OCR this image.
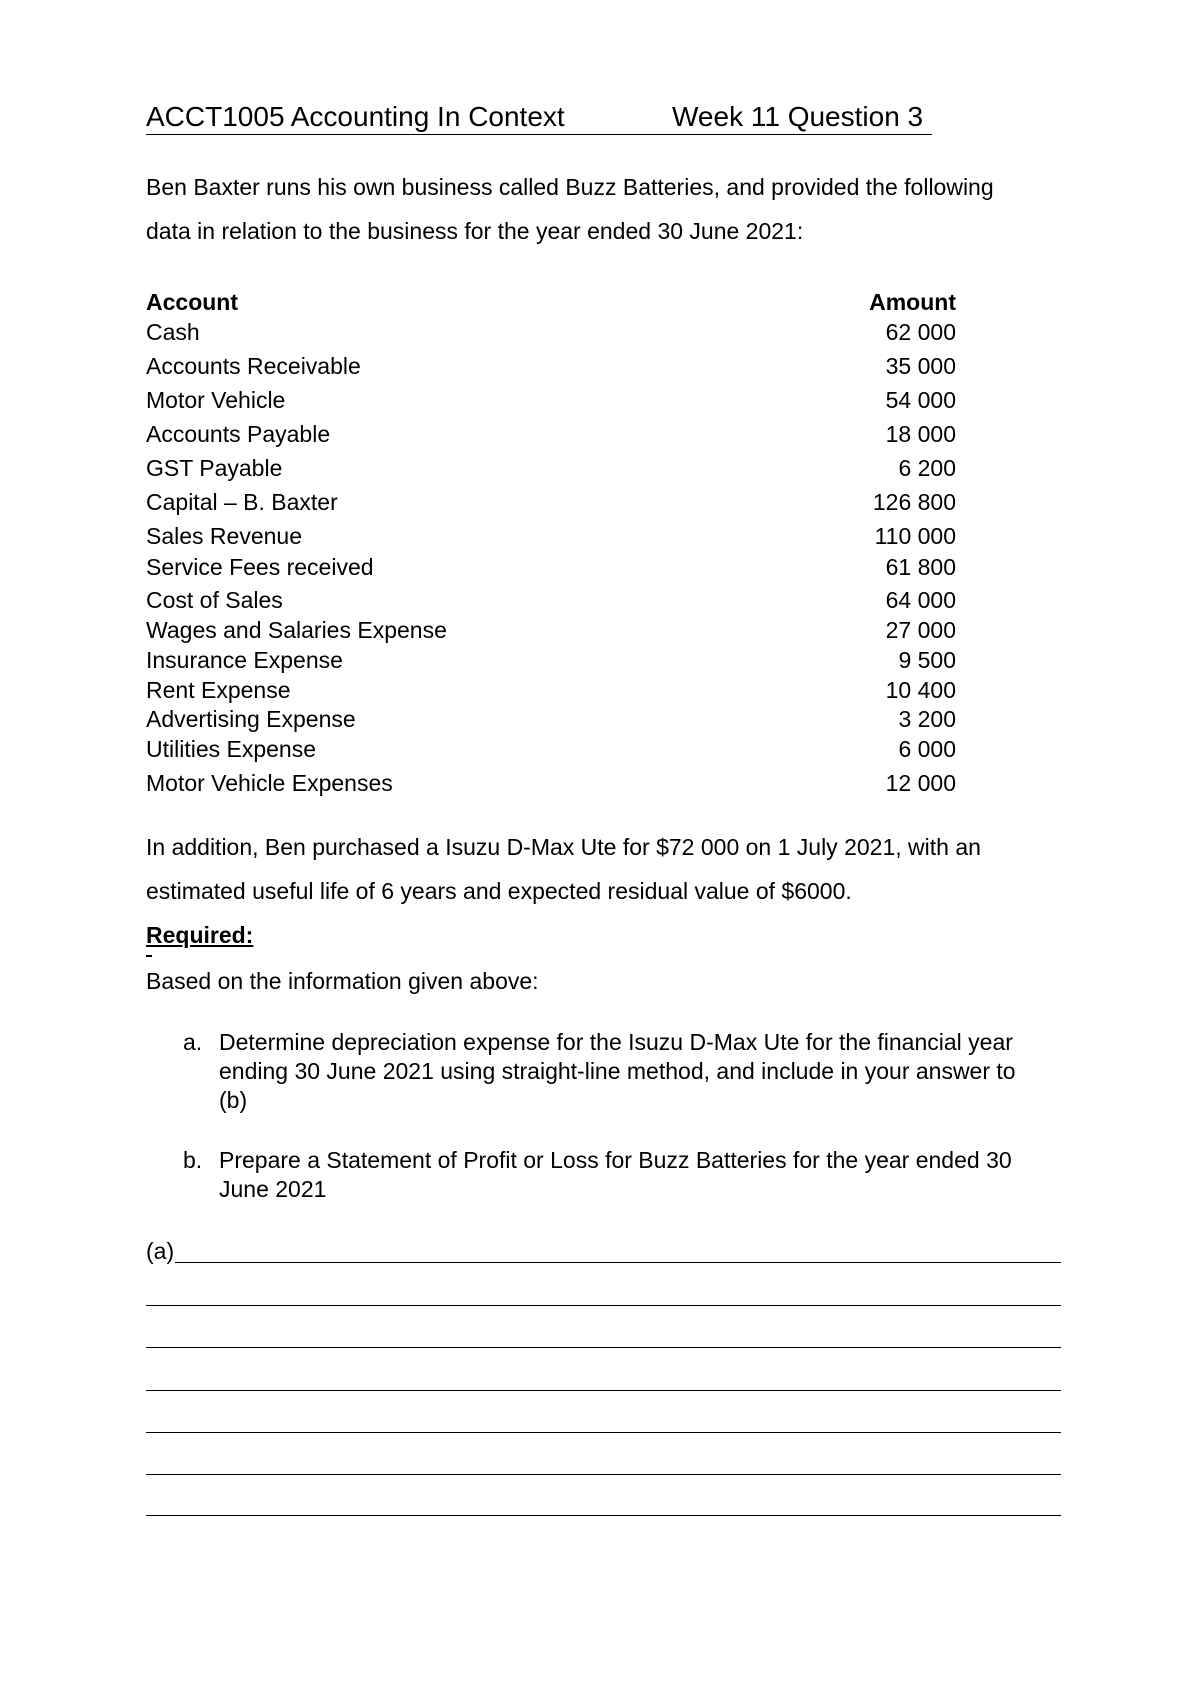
ACCT1005 Accounting In Context	Week 11 Question 3
Ben Baxter runs his own business called Buzz Batteries, and provided the following
data in relation to the business for the year ended 30 June 2021:
Account	Amount
Cash	62 000
Accounts Receivable	35 000
Motor Vehicle	54 000
Accounts Payable	18 000
GST Payable	6 200
Capital – B. Baxter	126 800
Sales Revenue	110 000
Service Fees received	61 800
Cost of Sales	64 000
Wages and Salaries Expense	27 000
Insurance Expense	9 500
Rent Expense	10 400
Advertising Expense	3 200
Utilities Expense	6 000
Motor Vehicle Expenses	12 000
In addition, Ben purchased a Isuzu D-Max Ute for $72 000 on 1 July 2021, with an
estimated useful life of 6 years and expected residual value of $6000.
Required:
Based on the information given above:
a. Determine depreciation expense for the Isuzu D-Max Ute for the financial year ending 30 June 2021 using straight-line method, and include in your answer to (b)
b. Prepare a Statement of Profit or Loss for Buzz Batteries for the year ended 30 June 2021
(a)
